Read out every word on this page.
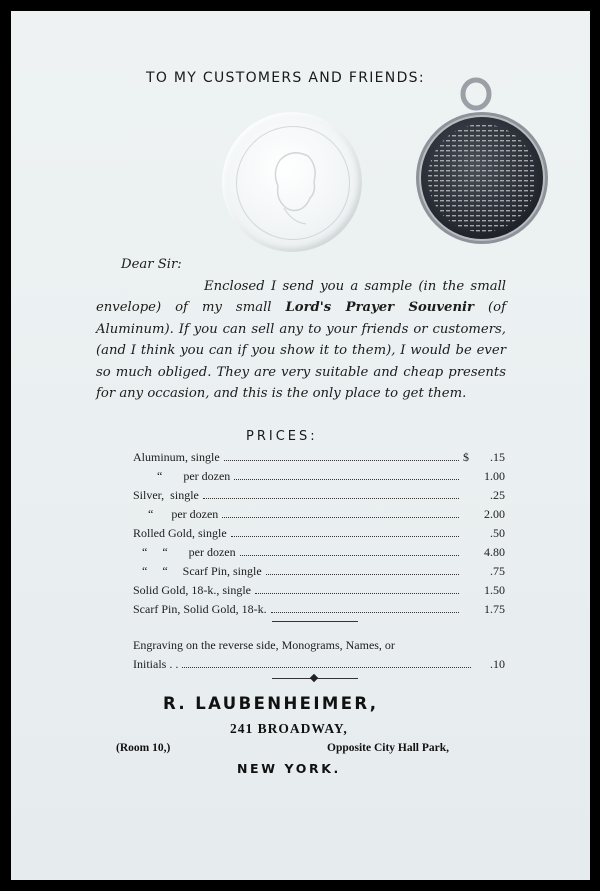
TO MY CUSTOMERS AND FRIENDS:
Dear Sir:
Enclosed I send you a sample (in the small envelope) of my small Lord's Prayer Souvenir (of Aluminum). If you can sell any to your friends or customers, (and I think you can if you show it to them), I would be ever so much obliged. They are very suitable and cheap presents for any occasion, and this is the only place to get them.
PRICES:
Aluminum, single	$	.15
“       per dozen	1.00
Silver,  single	.25
“      per dozen	2.00
Rolled Gold, single	.50
“     “       per dozen	4.80
“     “     Scarf Pin, single	.75
Solid Gold, 18-k., single	1.50
Scarf Pin, Solid Gold, 18-k.	1.75
Engraving on the reverse side, Monograms, Names, or
Initials . .	.10
R. LAUBENHEIMER,
241 BROADWAY,
(Room 10,)	Opposite City Hall Park,
NEW YORK.
